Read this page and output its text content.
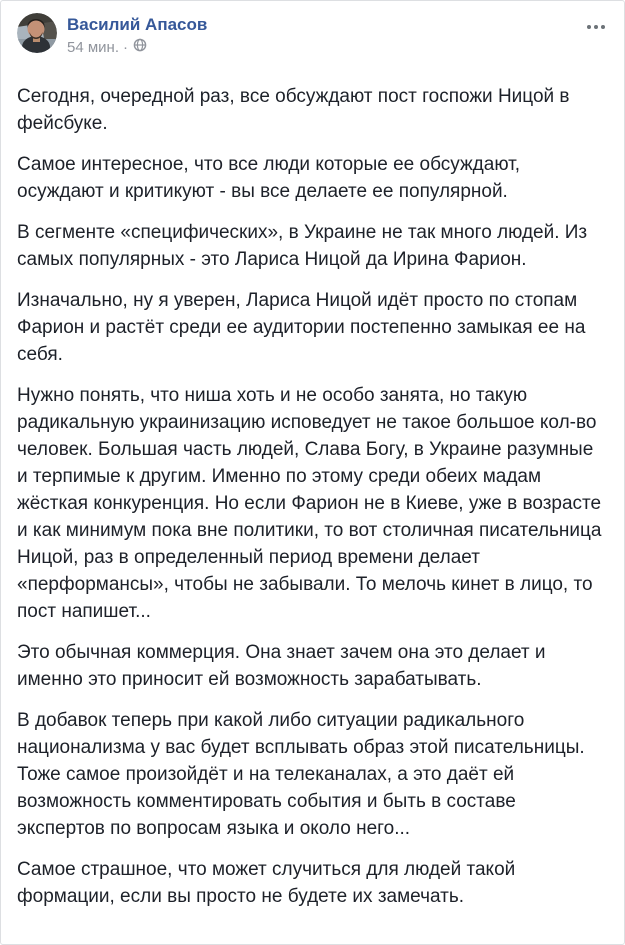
Василий Апасов
54 мин. ·

Сегодня, очередной раз, все обсуждают пост госпожи Ницой в фейсбуке.

Самое интересное, что все люди которые ее обсуждают, осуждают и критикуют - вы все делаете ее популярной.

В сегменте «специфических», в Украине не так много людей. Из самых популярных - это Лариса Ницой да Ирина Фарион.

Изначально, ну я уверен, Лариса Ницой идёт просто по стопам Фарион и растёт среди ее аудитории постепенно замыкая ее на себя.

Нужно понять, что ниша хоть и не особо занята, но такую радикальную украинизацию исповедует не такое большое кол-во человек. Большая часть людей, Слава Богу, в Украине разумные и терпимые к другим. Именно по этому среди обеих мадам жёсткая конкуренция. Но если Фарион не в Киеве, уже в возрасте и как минимум пока вне политики, то вот столичная писательница Ницой, раз в определенный период времени делает «перформансы», чтобы не забывали. То мелочь кинет в лицо, то пост напишет...

Это обычная коммерция. Она знает зачем она это делает и именно это приносит ей возможность зарабатывать.

В добавок теперь при какой либо ситуации радикального национализма у вас будет всплывать образ этой писательницы. Тоже самое произойдёт и на телеканалах, а это даёт ей возможность комментировать события и быть в составе экспертов по вопросам языка и около него...

Самое страшное, что может случиться для людей такой формации, если вы просто не будете их замечать.
